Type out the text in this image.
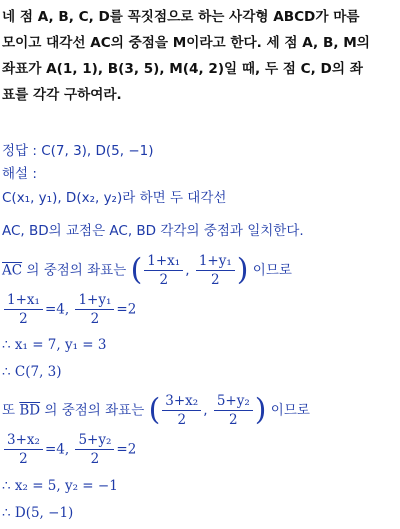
네 점 A, B, C, D를 꼭짓점으로 하는 사각형 ABCD가 마름
모이고 대각선 AC의 중점을 M이라고 한다. 세 점 A, B, M의
좌표가 A(1, 1), B(3, 5), M(4, 2)일 때, 두 점 C, D의 좌
표를 각각 구하여라.
정답 : C(7, 3), D(5, −1)
해설 :
C(x₁, y₁), D(x₂, y₂)라 하면 두 대각선
AC, BD의 교점은 AC, BD 각각의 중점과 일치한다.
$\overline{AC}$ 의 중점의 좌표는 ( $\frac{\text{1+x₁}}{2}$ , $\frac{\text{1+y₁}}{2}$ ) 이므로
$\frac{\text{1+x₁}}{2} =4$, $\frac{\text{1+y₁}}{2} =2$
∴ x₁ = 7, y₁ = 3
∴ C(7, 3)
또 $\overline{BD}$ 의 중점의 좌표는 ( $\frac{\text{3+x₂}}{2}$ , $\frac{\text{5+y₂}}{2}$ ) 이므로
$\frac{\text{3+x₂}}{2} =4$, $\frac{\text{5+y₂}}{2} =2$
∴ x₂ = 5, y₂ = −1
∴ D(5, −1)
